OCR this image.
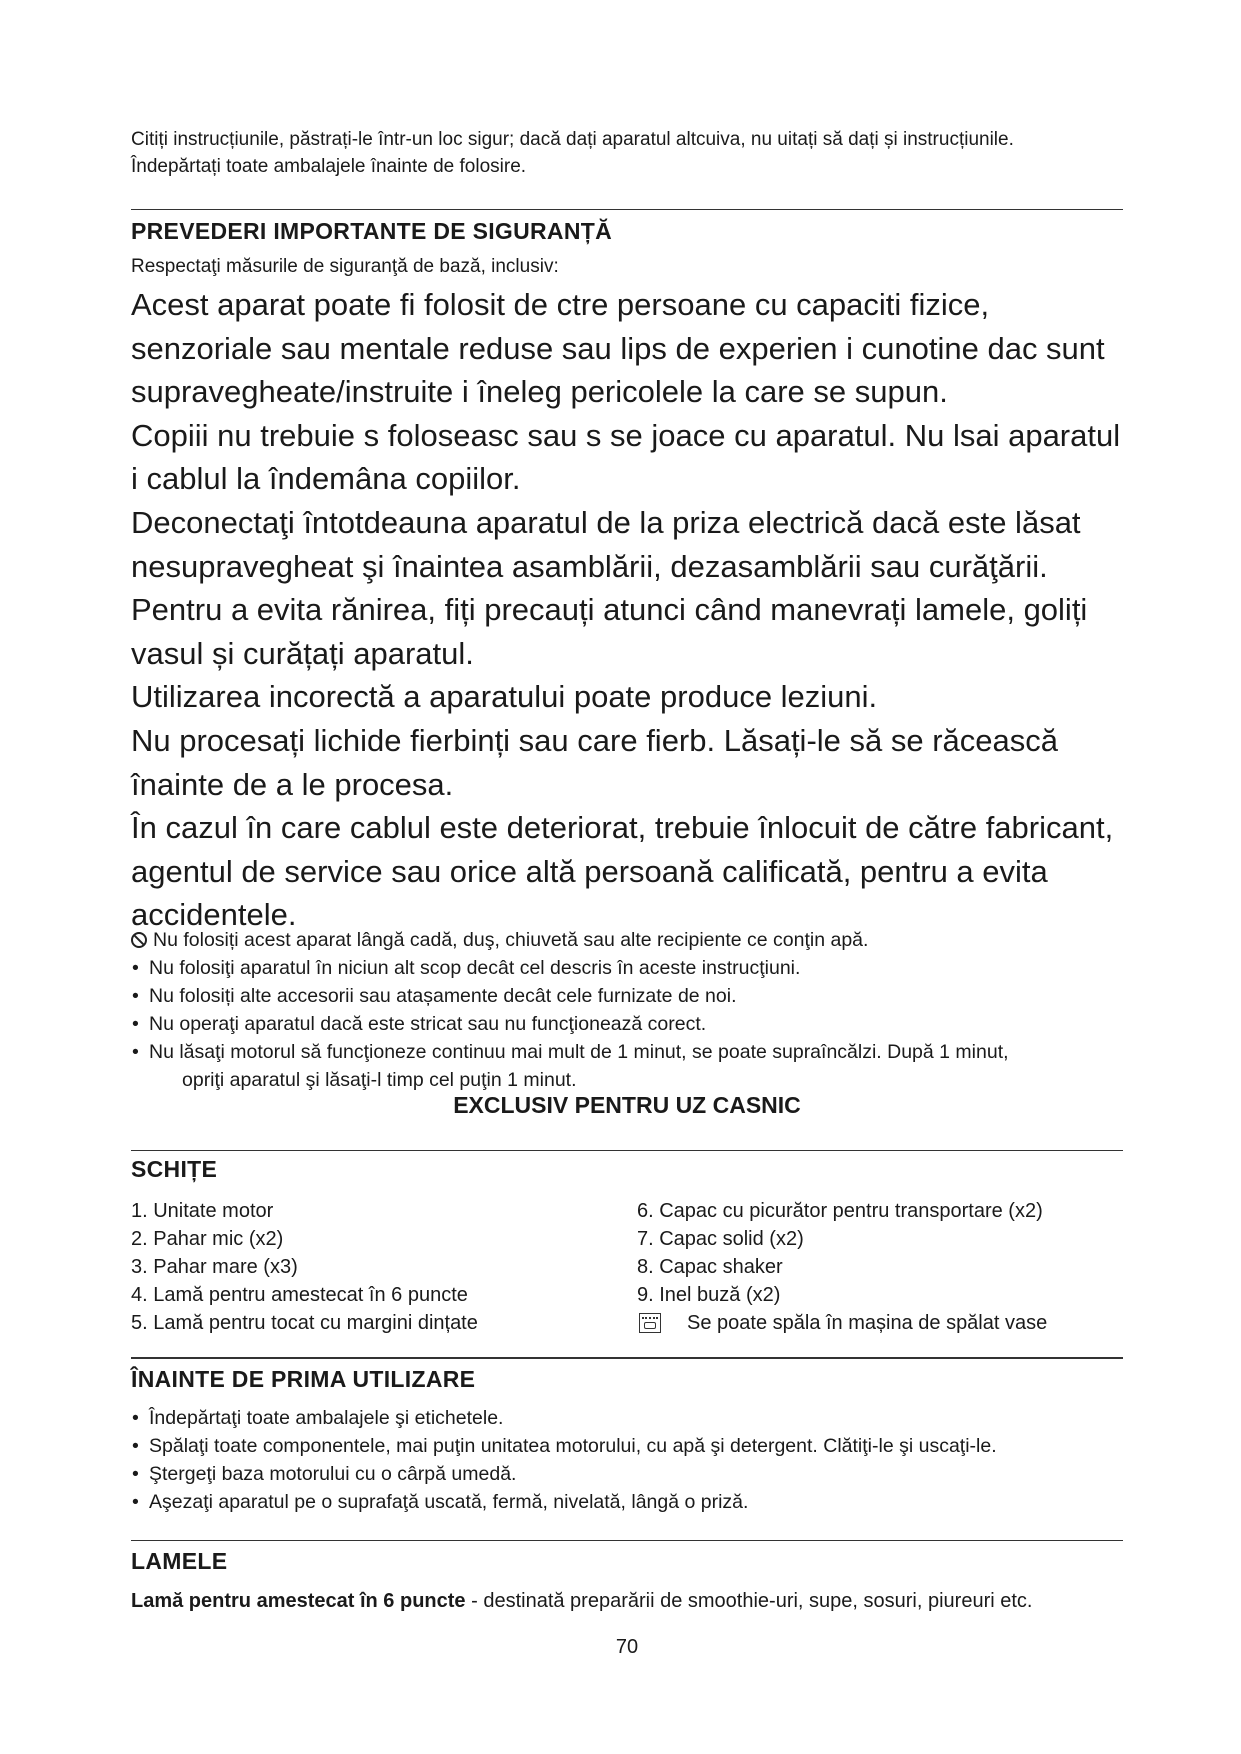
Citiți instrucțiunile, păstrați-le într-un loc sigur; dacă dați aparatul altcuiva, nu uitați să dați și instrucțiunile.
Îndepărtați toate ambalajele înainte de folosire.
PREVEDERI IMPORTANTE DE SIGURANȚĂ
Respectaţi măsurile de siguranţă de bază, inclusiv:

Acest aparat poate fi folosit de ctre persoane cu capaciti fizice, senzoriale sau mentale reduse sau lips de experien i cunotine dac sunt supravegheate/instruite i îneleg pericolele la care se supun.

Copiii nu trebuie s foloseasc sau s se joace cu aparatul. Nu lsai aparatul i cablul la îndemâna copiilor.

Deconectaţi întotdeauna aparatul de la priza electrică dacă este lăsat nesupravegheat şi înaintea asamblării, dezasamblării sau curăţării.

Pentru a evita rănirea, fiți precauți atunci când manevrați lamele, goliți vasul și curățați aparatul.

Utilizarea incorectă a aparatului poate produce leziuni.

Nu procesați lichide fierbinți sau care fierb. Lăsați-le să se răcească înainte de a le procesa.

În cazul în care cablul este deteriorat, trebuie înlocuit de către fabricant, agentul de service sau orice altă persoană calificată, pentru a evita accidentele.

Nu folosiți acest aparat lângă cadă, duş, chiuvetă sau alte recipiente ce conţin apă.
• Nu folosiţi aparatul în niciun alt scop decât cel descris în aceste instrucţiuni.
• Nu folosiți alte accesorii sau atașamente decât cele furnizate de noi.
• Nu operaţi aparatul dacă este stricat sau nu funcţionează corect.
• Nu lăsaţi motorul să funcţioneze continuu mai mult de 1 minut, se poate supraîncălzi. După 1 minut,
opriţi aparatul şi lăsaţi-l timp cel puţin 1 minut.
EXCLUSIV PENTRU UZ CASNIC
SCHIȚE
1. Unitate motor
2. Pahar mic (x2)
3. Pahar mare (x3)
4. Lamă pentru amestecat în 6 puncte
5. Lamă pentru tocat cu margini dințate
6. Capac cu picurător pentru transportare (x2)
7. Capac solid (x2)
8. Capac shaker
9. Inel buză (x2)
Se poate spăla în mașina de spălat vase
ÎNAINTE DE PRIMA UTILIZARE
• Îndepărtaţi toate ambalajele şi etichetele.
• Spălaţi toate componentele, mai puţin unitatea motorului, cu apă şi detergent. Clătiţi-le şi uscaţi-le.
• Ştergeţi baza motorului cu o cârpă umedă.
• Aşezaţi aparatul pe o suprafaţă uscată, fermă, nivelată, lângă o priză.
LAMELE
Lamă pentru amestecat în 6 puncte - destinată preparării de smoothie-uri, supe, sosuri, piureuri etc.
70
